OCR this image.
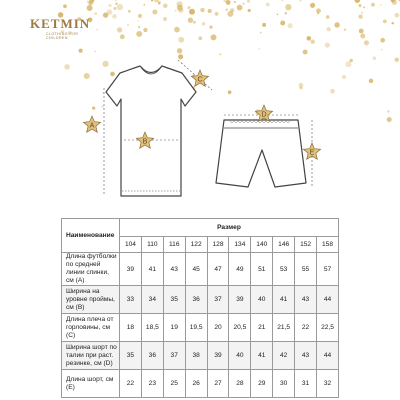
KETMIN
CLOTHING FOR
CHILDREN
A
B
C
D
E
Наименование	Размер									
	104	110	116	122	128	134	140	146	152	158
Длина футболки по средней линии спинки, см (А)	39	41	43	45	47	49	51	53	55	57
Ширина на уровне проймы, см (B)	33	34	35	36	37	39	40	41	43	44
Длина плеча от горловины, см (C)	18	18,5	19	19,5	20	20,5	21	21,5	22	22,5
Ширина шорт по талии при раст. резинке, см (D)	35	36	37	38	39	40	41	42	43	44
Длина шорт, см (E)	22	23	25	26	27	28	29	30	31	32
